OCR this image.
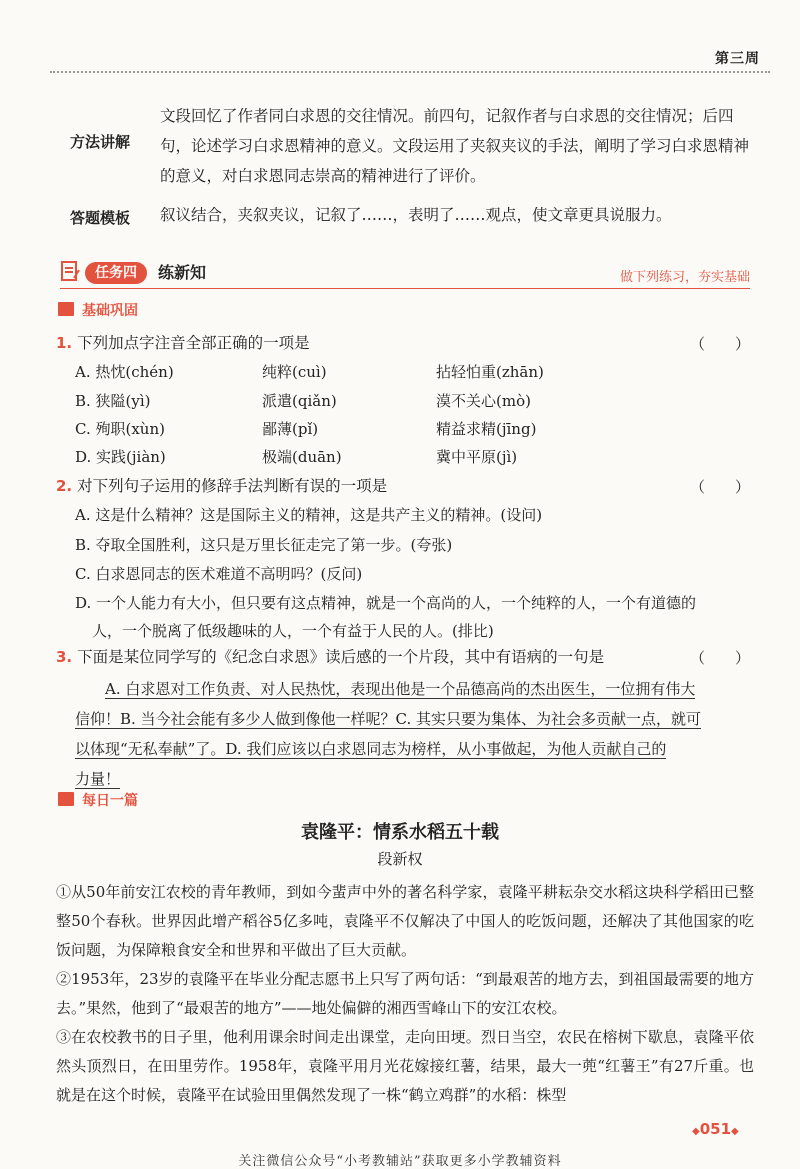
第三周
方法讲解
文段回忆了作者同白求恩的交往情况。前四句，记叙作者与白求恩的交往情况；后四句，论述学习白求恩精神的意义。文段运用了夹叙夹议的手法，阐明了学习白求恩精神的意义，对白求恩同志崇高的精神进行了评价。
答题模板 叙议结合，夹叙夹议，记叙了……，表明了……观点，使文章更具说服力。
任务四	练新知	做下列练习，夯实基础
基础巩固
1. 下列加点字注音全部正确的一项是	（　　）
A. 热忱(chén)	纯粹(cuì)	拈轻怕重(zhān)
B. 狭隘(yì)	派遣(qiǎn)	漠不关心(mò)
C. 殉职(xùn)	鄙薄(pǐ)	精益求精(jīng)
D. 实践(jiàn)	极端(duān)	冀中平原(jì)
2. 对下列句子运用的修辞手法判断有误的一项是	（　　）
A. 这是什么精神？这是国际主义的精神，这是共产主义的精神。(设问)
B. 夺取全国胜利，这只是万里长征走完了第一步。(夸张)
C. 白求恩同志的医术难道不高明吗？(反问)
D. 一个人能力有大小，但只要有这点精神，就是一个高尚的人，一个纯粹的人，一个有道德的
人，一个脱离了低级趣味的人，一个有益于人民的人。(排比)
3. 下面是某位同学写的《纪念白求恩》读后感的一个片段，其中有语病的一句是	（　　）
A. 白求恩对工作负责、对人民热忱，表现出他是一个品德高尚的杰出医生，一位拥有伟大
信仰！B. 当今社会能有多少人做到像他一样呢？C. 其实只要为集体、为社会多贡献一点，就可
以体现“无私奉献”了。D. 我们应该以白求恩同志为榜样，从小事做起，为他人贡献自己的
力量！
每日一篇
袁隆平：情系水稻五十载
段新权
①从50年前安江农校的青年教师，到如今蜚声中外的著名科学家，袁隆平耕耘杂交水稻这块科学稻田已整整50个春秋。世界因此增产稻谷5亿多吨，袁隆平不仅解决了中国人的吃饭问题，还解决了其他国家的吃饭问题，为保障粮食安全和世界和平做出了巨大贡献。
②1953年，23岁的袁隆平在毕业分配志愿书上只写了两句话：“到最艰苦的地方去，到祖国最需要的地方去。”果然，他到了“最艰苦的地方”——地处偏僻的湘西雪峰山下的安江农校。
③在农校教书的日子里，他利用课余时间走出课堂，走向田埂。烈日当空，农民在榕树下歇息，袁隆平依然头顶烈日，在田里劳作。1958年，袁隆平用月光花嫁接红薯，结果，最大一蔸“红薯王”有27斤重。也就是在这个时候，袁隆平在试验田里偶然发现了一株“鹤立鸡群”的水稻：株型
◆051◆
关注微信公众号“小考教辅站”获取更多小学教辅资料
